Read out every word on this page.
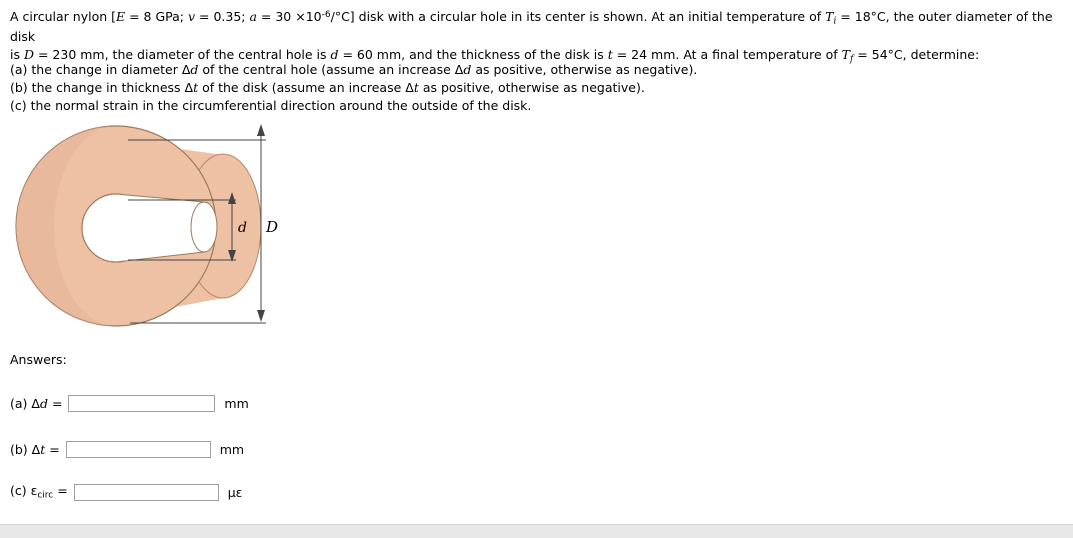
A circular nylon [E = 8 GPa; v = 0.35; $a = 30 \times 10^{-6}/^\circ C$] disk with a circular hole in its center is shown. At an initial temperature of $T_i = 18^\circ C$, the outer diameter of the disk
is D = 230 mm, the diameter of the central hole is d = 60 mm, and the thickness of the disk is t = 24 mm. At a final temperature of $T_f = 54^\circ C$, determine:
(a) the change in diameter Δd of the central hole (assume an increase Δd as positive, otherwise as negative).
(b) the change in thickness Δt of the disk (assume an increase Δt as positive, otherwise as negative).
(c) the normal strain in the circumferential direction around the outside of the disk.
d D
Answers:
(a) Δd =	mm
(b) Δt =	mm
(c) $\varepsilon_{circ}$ =	µε
